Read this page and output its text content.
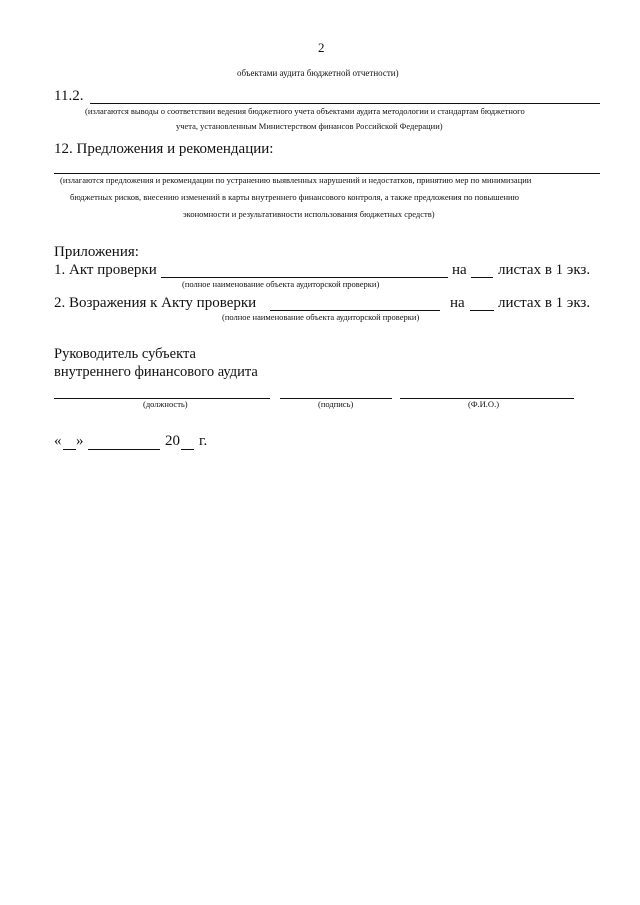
2
объектами аудита бюджетной отчетности)
11.2.
(излагаются выводы о соответствии ведения бюджетного учета объектами аудита методологии и стандартам бюджетного
учета, установленным Министерством финансов Российской Федерации)
12. Предложения и рекомендации:
(излагаются предложения и рекомендации по устранению выявленных нарушений и недостатков, принятию мер по минимизации
бюджетных рисков, внесению изменений в карты внутреннего финансового контроля, а также предложения по повышению
экономности и результативности использования бюджетных средств)
Приложения:
1. Акт проверки	на листах в 1 экз.
(полное наименование объекта аудиторской проверки)
2. Возражения к Акту проверки	на листах в 1 экз.
(полное наименование объекта аудиторской проверки)
Руководитель субъекта
внутреннего финансового аудита
(должность)	(подпись)	(Ф.И.О.)
« »	20 г.
